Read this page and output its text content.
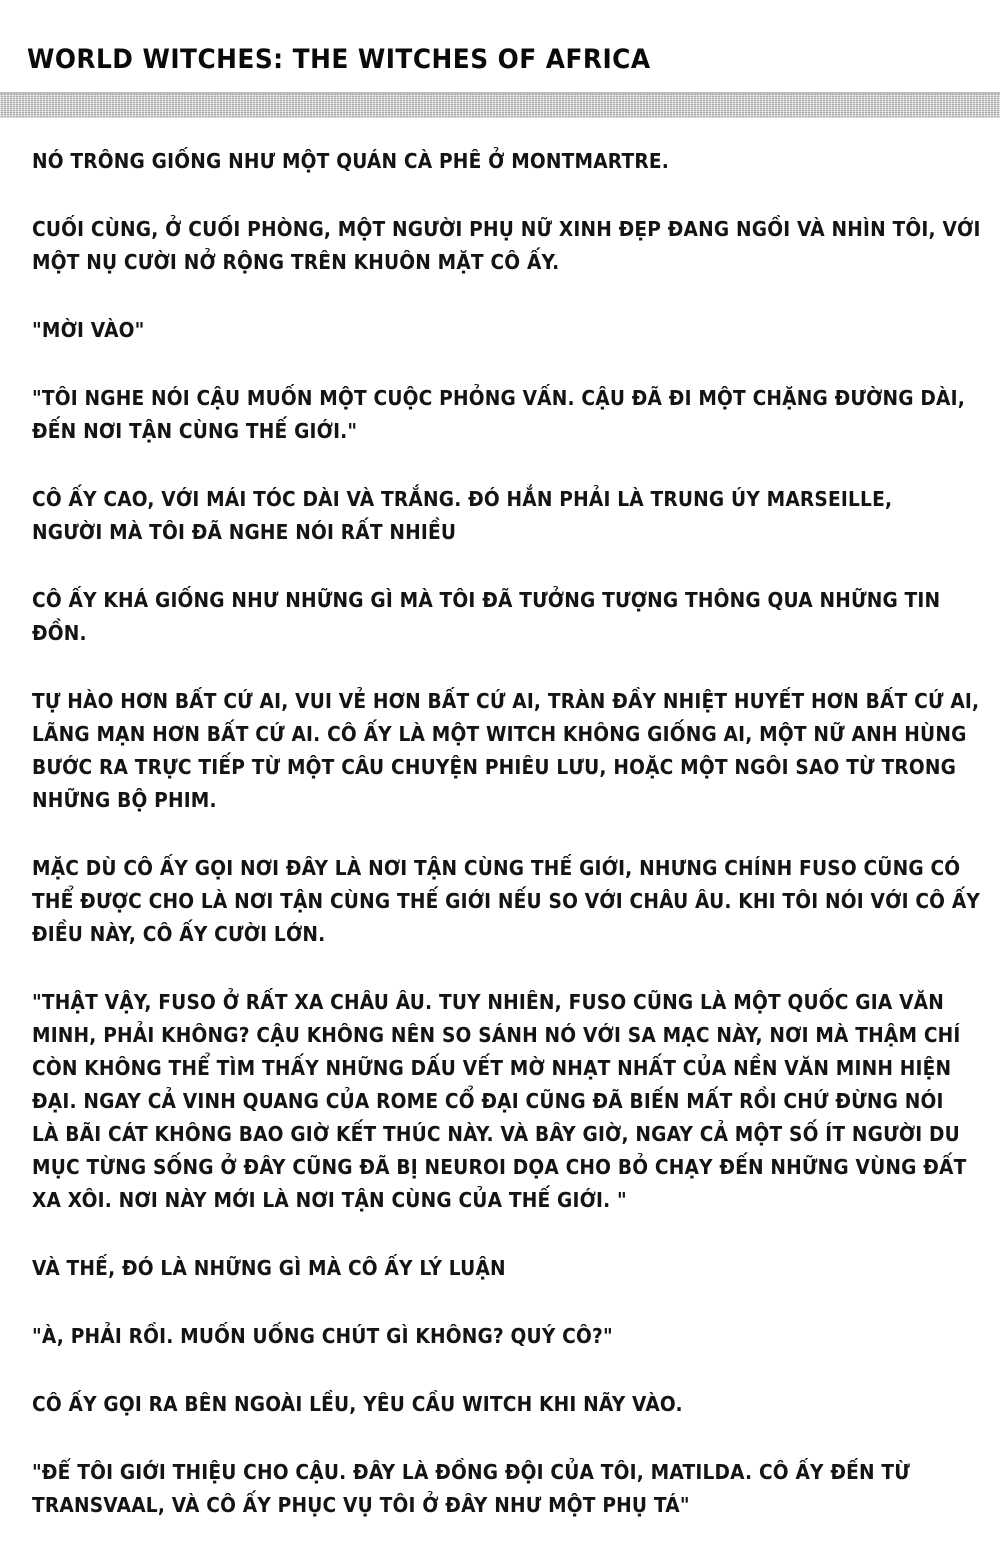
WORLD WITCHES: THE WITCHES OF AFRICA

NÓ TRÔNG GIỐNG NHƯ MỘT QUÁN CÀ PHÊ Ở MONTMARTRE.

CUỐI CÙNG, Ở CUỐI PHÒNG, MỘT NGƯỜI PHỤ NỮ XINH ĐẸP ĐANG NGỒI VÀ NHÌN TÔI, VỚI
MỘT NỤ CƯỜI NỞ RỘNG TRÊN KHUÔN MẶT CÔ ẤY.

"MỜI VÀO"

"TÔI NGHE NÓI CẬU MUỐN MỘT CUỘC PHỎNG VẤN. CẬU ĐÃ ĐI MỘT CHẶNG ĐƯỜNG DÀI,
ĐẾN NƠI TẬN CÙNG THẾ GIỚI."

CÔ ẤY CAO, VỚI MÁI TÓC DÀI VÀ TRẮNG. ĐÓ HẲN PHẢI LÀ TRUNG ÚY MARSEILLE,
NGƯỜI MÀ TÔI ĐÃ NGHE NÓI RẤT NHIỀU

CÔ ẤY KHÁ GIỐNG NHƯ NHỮNG GÌ MÀ TÔI ĐÃ TƯỞNG TƯỢNG THÔNG QUA NHỮNG TIN ĐỒN.

TỰ HÀO HƠN BẤT CỨ AI, VUI VẺ HƠN BẤT CỨ AI, TRÀN ĐẦY NHIỆT HUYẾT HƠN BẤT CỨ AI,
LÃNG MẠN HƠN BẤT CỨ AI. CÔ ẤY LÀ MỘT WITCH KHÔNG GIỐNG AI, MỘT NỮ ANH HÙNG
BƯỚC RA TRỰC TIẾP TỪ MỘT CÂU CHUYỆN PHIÊU LƯU, HOẶC MỘT NGÔI SAO TỪ TRONG
NHỮNG BỘ PHIM.

MẶC DÙ CÔ ẤY GỌI NƠI ĐÂY LÀ NƠI TẬN CÙNG THẾ GIỚI, NHƯNG CHÍNH FUSO CŨNG CÓ
THỂ ĐƯỢC CHO LÀ NƠI TẬN CÙNG THẾ GIỚI NẾU SO VỚI CHÂU ÂU. KHI TÔI NÓI VỚI CÔ ẤY
ĐIỀU NÀY, CÔ ẤY CƯỜI LỚN.

"THẬT VẬY, FUSO Ở RẤT XA CHÂU ÂU. TUY NHIÊN, FUSO CŨNG LÀ MỘT QUỐC GIA VĂN
MINH, PHẢI KHÔNG? CẬU KHÔNG NÊN SO SÁNH NÓ VỚI SA MẠC NÀY, NƠI MÀ THẬM CHÍ
CÒN KHÔNG THỂ TÌM THẤY NHỮNG DẤU VẾT MỜ NHẠT NHẤT CỦA NỀN VĂN MINH HIỆN
ĐẠI. NGAY CẢ VINH QUANG CỦA ROME CỔ ĐẠI CŨNG ĐÃ BIẾN MẤT RỒI CHỨ ĐỪNG NÓI
LÀ BÃI CÁT KHÔNG BAO GIỜ KẾT THÚC NÀY. VÀ BÂY GIỜ, NGAY CẢ MỘT SỐ ÍT NGƯỜI DU
MỤC TỪNG SỐNG Ở ĐÂY CŨNG ĐÃ BỊ NEUROI DỌA CHO BỎ CHẠY ĐẾN NHỮNG VÙNG ĐẤT
XA XÔI. NƠI NÀY MỚI LÀ NƠI TẬN CÙNG CỦA THẾ GIỚI. "

VÀ THẾ, ĐÓ LÀ NHỮNG GÌ MÀ CÔ ẤY LÝ LUẬN

"À, PHẢI RỒI. MUỐN UỐNG CHÚT GÌ KHÔNG? QUÝ CÔ?"

CÔ ẤY GỌI RA BÊN NGOÀI LỀU, YÊU CẦU WITCH KHI NÃY VÀO.

"ĐỂ TÔI GIỚI THIỆU CHO CẬU. ĐÂY LÀ ĐỒNG ĐỘI CỦA TÔI, MATILDA. CÔ ẤY ĐẾN TỪ
TRANSVAAL, VÀ CÔ ẤY PHỤC VỤ TÔI Ở ĐÂY NHƯ MỘT PHỤ TÁ"
